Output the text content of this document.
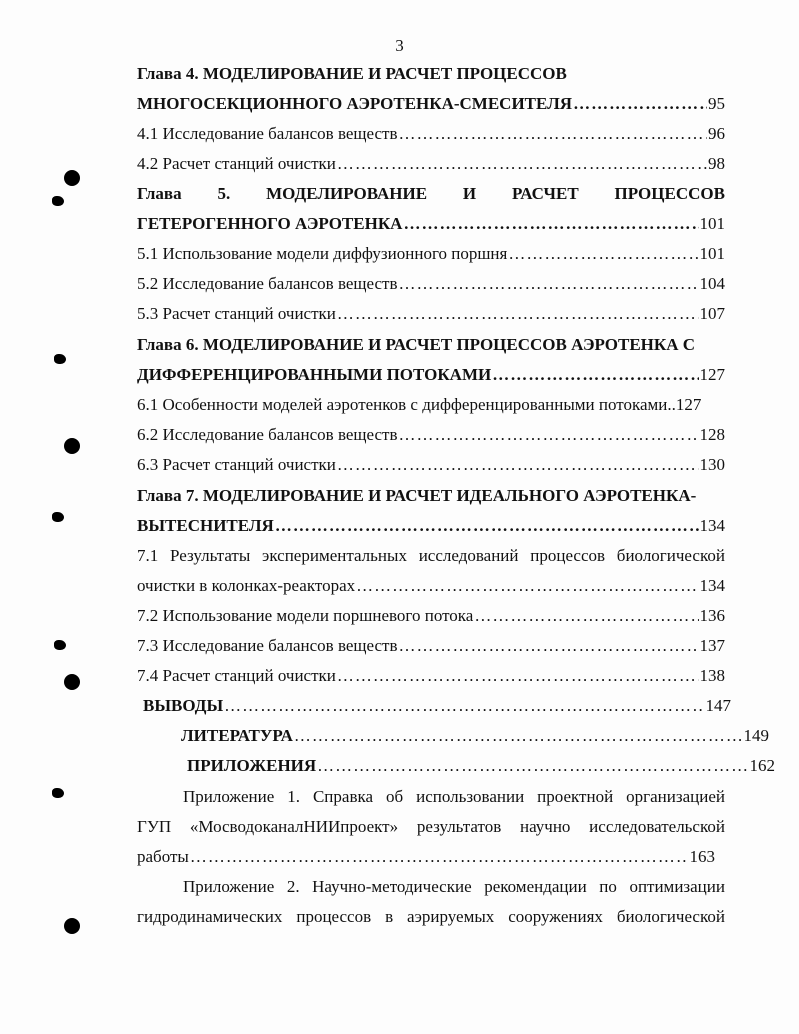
3
Глава 4. МОДЕЛИРОВАНИЕ И РАСЧЕТ ПРОЦЕССОВ
МНОГОСЕКЦИОННОГО АЭРОТЕНКА-СМЕСИТЕЛЯ …………………………………………………………………………………………………………………………………………………………………………	95
4.1 Исследование балансов веществ …………………………………………………………………………………………………………………………………………………………………………	96
4.2 Расчет станций очистки …………………………………………………………………………………………………………………………………………………………………………	98
Глава 5. МОДЕЛИРОВАНИЕ И РАСЧЕТ ПРОЦЕССОВ
ГЕТЕРОГЕННОГО АЭРОТЕНКА …………………………………………………………………………………………………………………………………………………………………………	101
5.1 Использование модели диффузионного поршня …………………………………………………………………………………………………………………………………………………………………………	101
5.2 Исследование балансов веществ …………………………………………………………………………………………………………………………………………………………………………	104
5.3 Расчет станций очистки …………………………………………………………………………………………………………………………………………………………………………	107
Глава 6. МОДЕЛИРОВАНИЕ И РАСЧЕТ ПРОЦЕССОВ АЭРОТЕНКА С
ДИФФЕРЕНЦИРОВАННЫМИ ПОТОКАМИ …………………………………………………………………………………………………………………………………………………………………………	127
6.1 Особенности моделей аэротенков с дифференцированными потоками.. 127
6.2 Исследование балансов веществ …………………………………………………………………………………………………………………………………………………………………………	128
6.3 Расчет станций очистки …………………………………………………………………………………………………………………………………………………………………………	130
Глава 7. МОДЕЛИРОВАНИЕ И РАСЧЕТ ИДЕАЛЬНОГО АЭРОТЕНКА-
ВЫТЕСНИТЕЛЯ …………………………………………………………………………………………………………………………………………………………………………	134
7.1 Результаты экспериментальных исследований процессов биологической
очистки в колонках-реакторах …………………………………………………………………………………………………………………………………………………………………………	134
7.2 Использование модели поршневого потока …………………………………………………………………………………………………………………………………………………………………………	136
7.3 Исследование балансов веществ …………………………………………………………………………………………………………………………………………………………………………	137
7.4 Расчет станций очистки …………………………………………………………………………………………………………………………………………………………………………	138
ВЫВОДЫ …………………………………………………………………………………………………………………………………………………………………………	147
ЛИТЕРАТУРА …………………………………………………………………………………………………………………………………………………………………………	149
ПРИЛОЖЕНИЯ …………………………………………………………………………………………………………………………………………………………………………	162
Приложение 1. Справка об использовании проектной организацией
ГУП «МосводоканалНИИпроект» результатов научно исследовательской
работы …………………………………………………………………………………………………………………………………………………………………………	163
Приложение 2. Научно-методические рекомендации по оптимизации
гидродинамических процессов в аэрируемых сооружениях биологической
